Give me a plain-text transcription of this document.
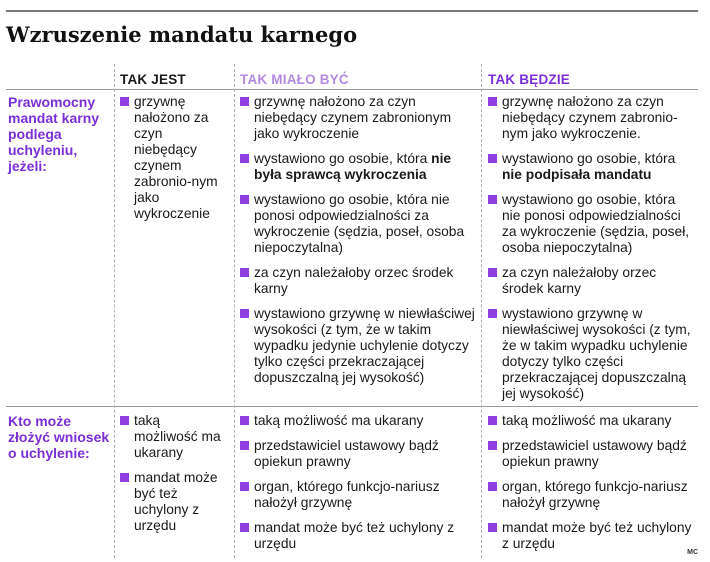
Wzruszenie mandatu karnego
TAK JEST	TAK MIAŁO BYĆ	TAK BĘDZIE
Prawomocny mandat karny podlega uchyleniu, jeżeli:
grzywnę nałożono za czyn niebędący czynem zabronio-nym jako wykroczenie
grzywnę nałożono za czyn niebędący czynem zabronionym jako wykroczenie
wystawiono go osobie, która nie była sprawcą wykroczenia
wystawiono go osobie, która nie ponosi odpowiedzialności za wykroczenie (sędzia, poseł, osoba niepoczytalna)
za czyn należałoby orzec środek karny
wystawiono grzywnę w niewłaściwej wysokości (z tym, że w takim wypadku jedynie uchylenie dotyczy tylko części przekraczającej dopuszczalną jej wysokość)
grzywnę nałożono za czyn niebędący czynem zabronio-nym jako wykroczenie.
wystawiono go osobie, która nie podpisała mandatu
wystawiono go osobie, która nie ponosi odpowiedzialności za wykroczenie (sędzia, poseł, osoba niepoczytalna)
za czyn należałoby orzec środek karny
wystawiono grzywnę w niewłaściwej wysokości (z tym, że w takim wypadku uchylenie dotyczy tylko części przekraczającej dopuszczalną jej wysokość)
Kto może złożyć wniosek o uchylenie:
taką możliwość ma ukarany
mandat może być też uchylony z urzędu
taką możliwość ma ukarany
przedstawiciel ustawowy bądź opiekun prawny
organ, którego funkcjo-nariusz nałożył grzywnę
mandat może być też uchylony z urzędu
taką możliwość ma ukarany
przedstawiciel ustawowy bądź opiekun prawny
organ, którego funkcjo-nariusz nałożył grzywnę
mandat może być też uchylony z urzędu
MC
